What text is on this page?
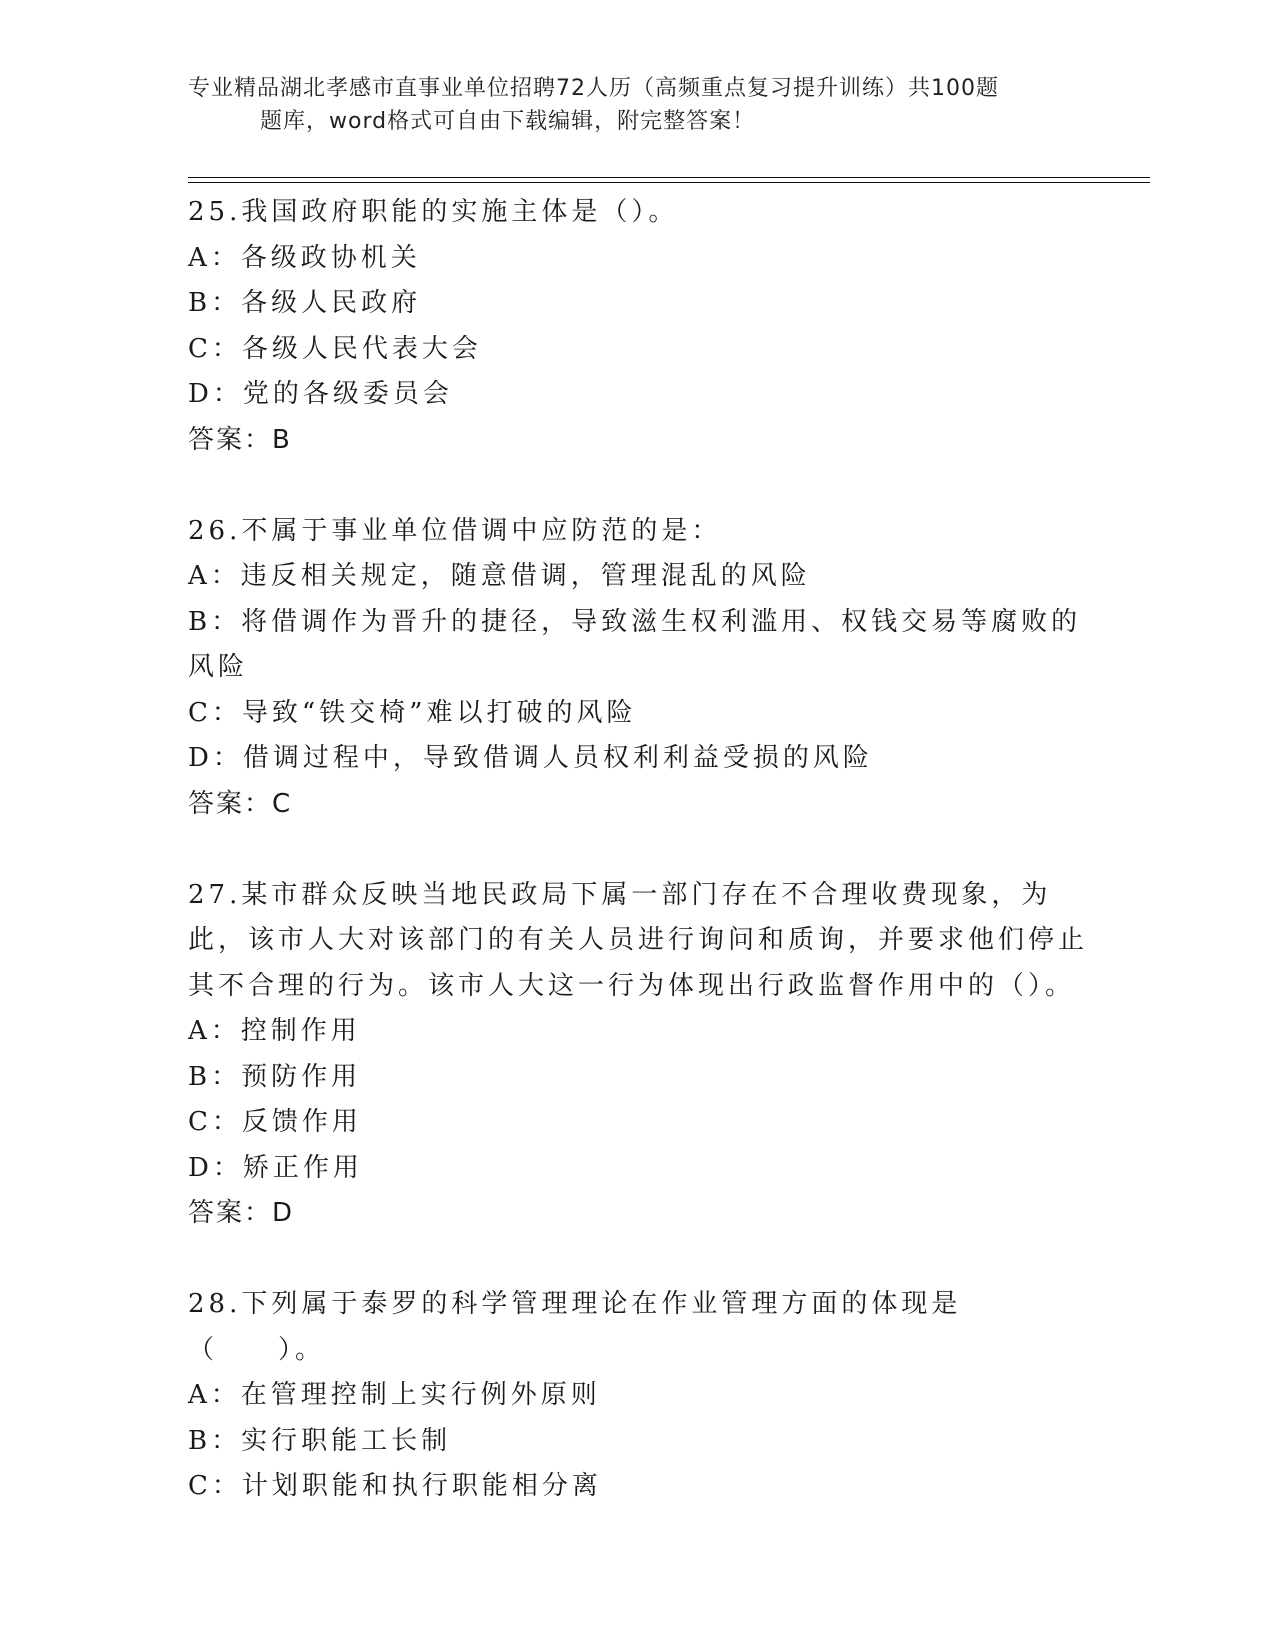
专业精品湖北孝感市直事业单位招聘72人历（高频重点复习提升训练）共100题
题库，word格式可自由下载编辑，附完整答案！

25.我国政府职能的实施主体是（）。

A：各级政协机关

B：各级人民政府

C：各级人民代表大会

D：党的各级委员会

答案：B

26.不属于事业单位借调中应防范的是：

A：违反相关规定，随意借调，管理混乱的风险

B：将借调作为晋升的捷径，导致滋生权利滥用、权钱交易等腐败的风险

C：导致“铁交椅”难以打破的风险

D：借调过程中，导致借调人员权利利益受损的风险

答案：C

27.某市群众反映当地民政局下属一部门存在不合理收费现象，为此，该市人大对该部门的有关人员进行询问和质询，并要求他们停止其不合理的行为。该市人大这一行为体现出行政监督作用中的（）。

A：控制作用

B：预防作用

C：反馈作用

D：矫正作用

答案：D

28.下列属于泰罗的科学管理理论在作业管理方面的体现是（　　）。

A：在管理控制上实行例外原则

B：实行职能工长制

C：计划职能和执行职能相分离
